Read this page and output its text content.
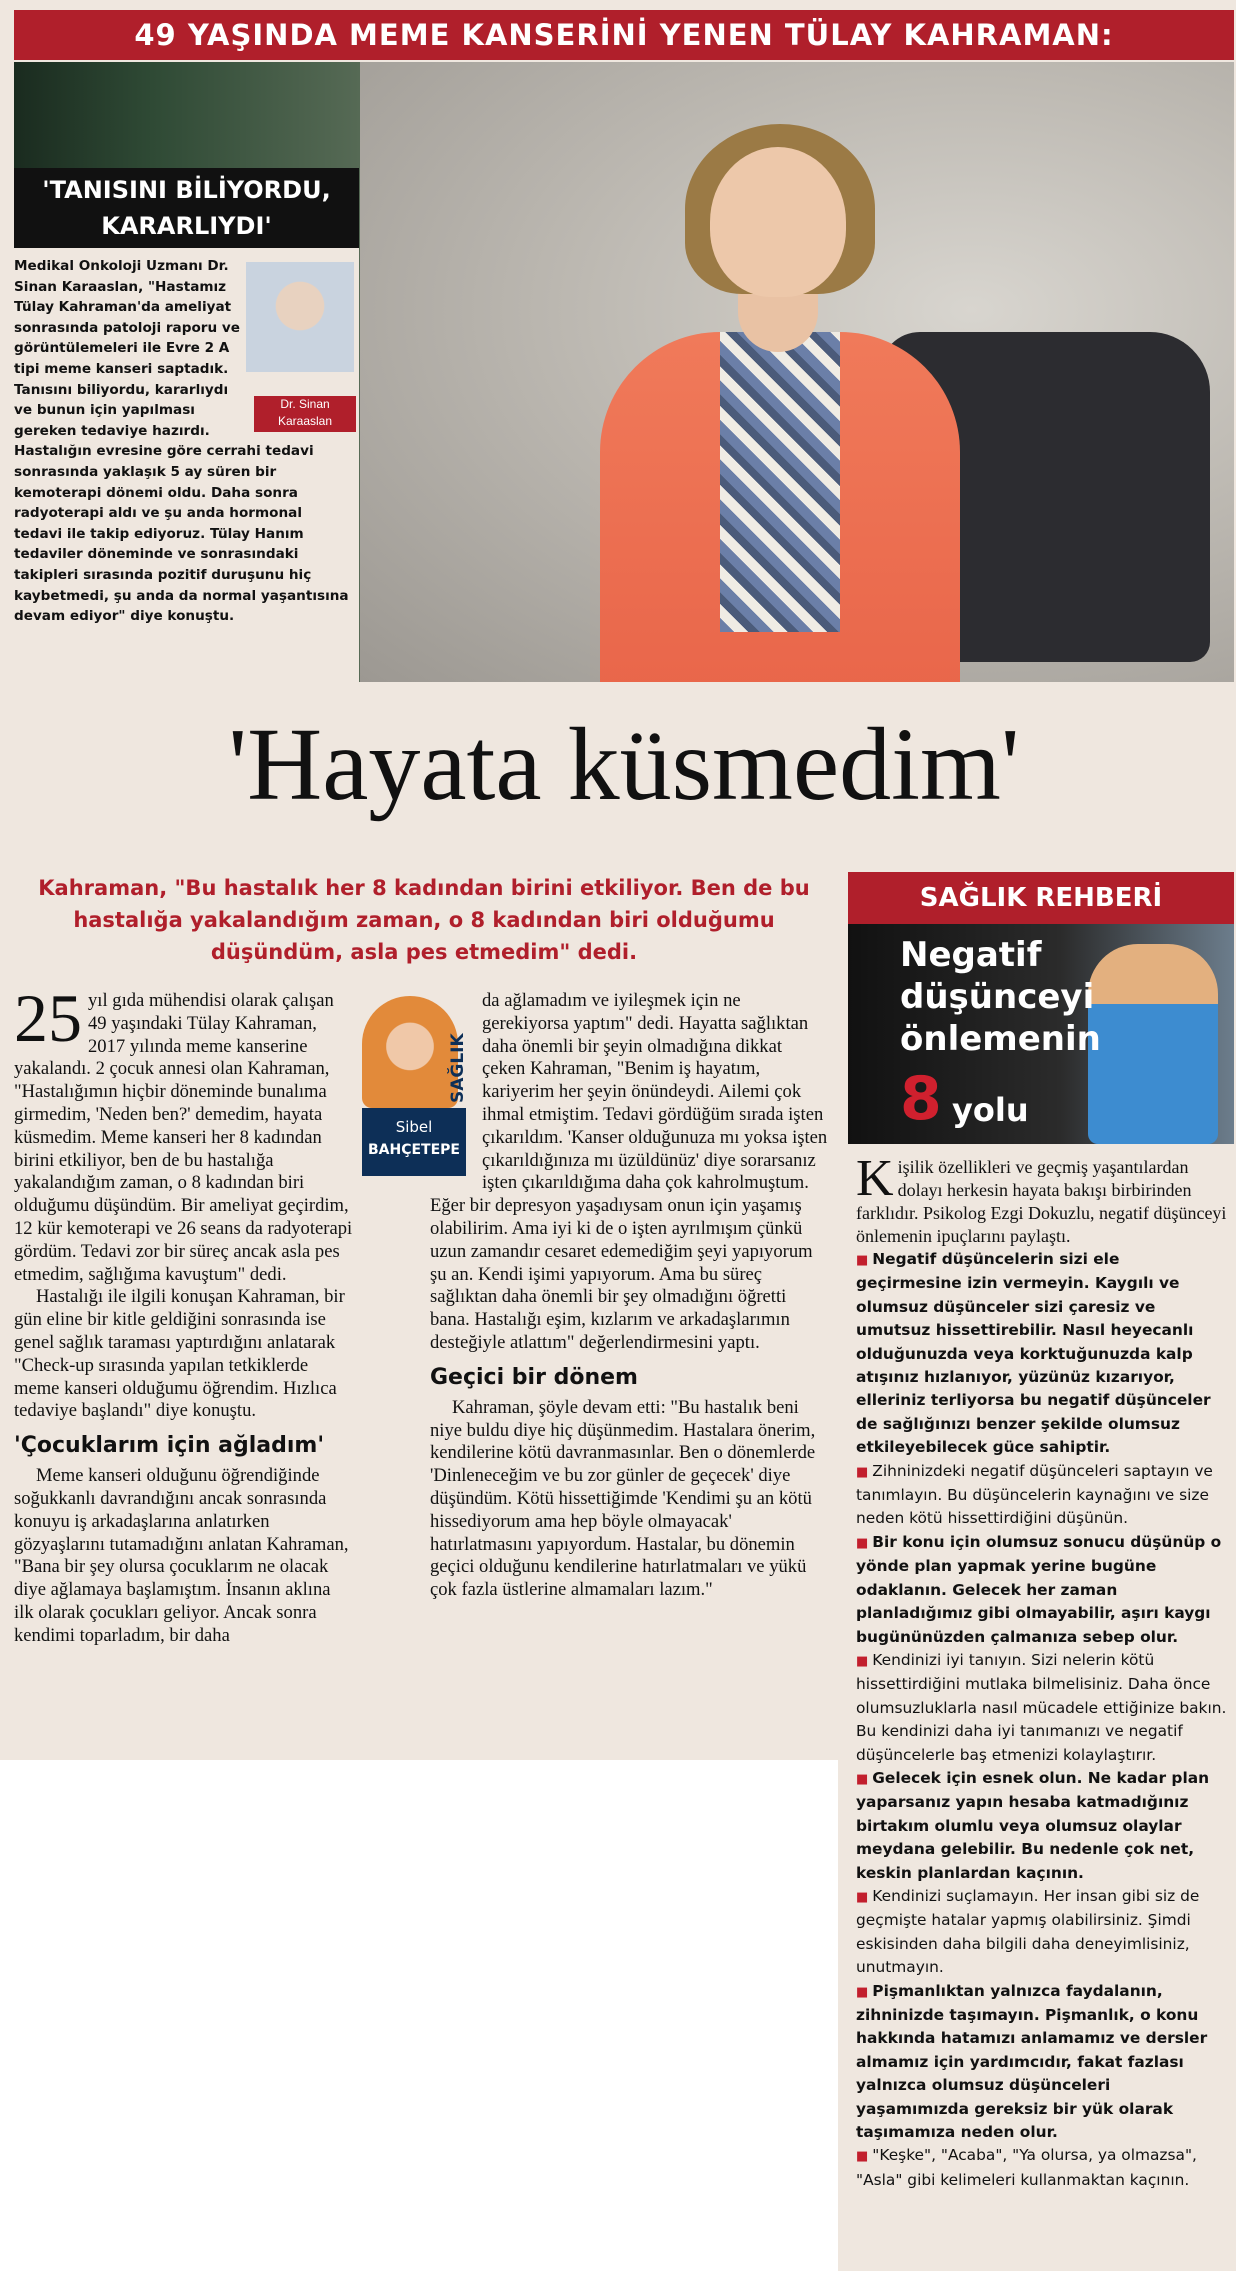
49 YAŞINDA MEME KANSERİNİ YENEN TÜLAY KAHRAMAN:
'TANISINI BİLİYORDU,
KARARLIYDI'
Dr. Sinan
Karaaslan
Medikal Onkoloji Uzmanı Dr. Sinan Karaaslan, "Hastamız Tülay Kahraman'da ameliyat sonrasında patoloji raporu ve görüntülemeleri ile Evre 2 A tipi meme kanseri saptadık. Tanısını biliyordu, kararlıydı ve bunun için yapılması gereken tedaviye hazırdı. Hastalığın evresine göre cerrahi tedavi sonrasında yaklaşık 5 ay süren bir kemoterapi dönemi oldu. Daha sonra radyoterapi aldı ve şu anda hormonal tedavi ile takip ediyoruz. Tülay Hanım tedaviler döneminde ve sonrasındaki takipleri sırasında pozitif duruşunu hiç kaybetmedi, şu anda da normal yaşantısına devam ediyor" diye konuştu.
'Hayata küsmedim'
Kahraman, "Bu hastalık her 8 kadından birini etkiliyor. Ben de bu hastalığa yakalandığım zaman, o 8 kadından biri olduğumu düşündüm, asla pes etmedim" dedi.

25 yıl gıda mühendisi olarak çalışan 49 yaşındaki Tülay Kahraman, 2017 yılında meme kanserine yakalandı. 2 çocuk annesi olan Kahraman, "Hastalığımın hiçbir döneminde bunalıma girmedim, 'Neden ben?' demedim, hayata küsmedim. Meme kanseri her 8 kadından birini etkiliyor, ben de bu hastalığa yakalandığım zaman, o 8 kadından biri olduğumu düşündüm. Bir ameliyat geçirdim, 12 kür kemoterapi ve 26 seans da radyoterapi gördüm. Tedavi zor bir süreç ancak asla pes etmedim, sağlığıma kavuştum" dedi.

Hastalığı ile ilgili konuşan Kahraman, bir gün eline bir kitle geldiğini sonrasında ise genel sağlık taraması yaptırdığını anlatarak "Check-up sırasında yapılan tetkiklerde meme kanseri olduğumu öğrendim. Hızlıca tedaviye başlandı" diye konuştu.

'Çocuklarım için ağladım'

Meme kanseri olduğunu öğrendiğinde soğukkanlı davrandığını ancak sonrasında konuyu iş arkadaşlarına anlatırken gözyaşlarını tutamadığını anlatan Kahraman, "Bana bir şey olursa çocuklarım ne olacak diye ağlamaya başlamıştım. İnsanın aklına ilk olarak çocukları geliyor. Ancak sonra kendimi toparladım, bir daha

Sibel
BAHÇETEPE
SAĞLIK

da ağlamadım ve iyileşmek için ne gerekiyorsa yaptım" dedi. Hayatta sağlıktan daha önemli bir şeyin olmadığına dikkat çeken Kahraman, "Benim iş hayatım, kariyerim her şeyin önündeydi. Ailemi çok ihmal etmiştim. Tedavi gördüğüm sırada işten çıkarıldım. 'Kanser olduğunuza mı yoksa işten çıkarıldığınıza mı üzüldünüz' diye sorarsanız işten çıkarıldığıma daha çok kahrolmuştum. Eğer bir depresyon yaşadıysam onun için yaşamış olabilirim. Ama iyi ki de o işten ayrılmışım çünkü uzun zamandır cesaret edemediğim şeyi yapıyorum şu an. Kendi işimi yapıyorum. Ama bu süreç sağlıktan daha önemli bir şey olmadığını öğretti bana. Hastalığı eşim, kızlarım ve arkadaşlarımın desteğiyle atlattım" değerlendirmesini yaptı.

Geçici bir dönem

Kahraman, şöyle devam etti: "Bu hastalık beni niye buldu diye hiç düşünmedim. Hastalara önerim, kendilerine kötü davranmasınlar. Ben o dönemlerde 'Dinleneceğim ve bu zor günler de geçecek' diye düşündüm. Kötü hissettiğimde 'Kendimi şu an kötü hissediyorum ama hep böyle olmayacak' hatırlatmasını yapıyordum. Hastalar, bu dönemin geçici olduğunu kendilerine hatırlatmaları ve yükü çok fazla üstlerine almamaları lazım."

SAĞLIK REHBERİ
Negatif
düşünceyi
önlemenin
8 yolu

K işilik özellikleri ve geçmiş yaşantılardan dolayı herkesin hayata bakışı birbirinden farklıdır. Psikolog Ezgi Dokuzlu, negatif düşünceyi önlemenin ipuçlarını paylaştı.

■ Negatif düşüncelerin sizi ele geçirmesine izin vermeyin. Kaygılı ve olumsuz düşünceler sizi çaresiz ve umutsuz hissettirebilir. Nasıl heyecanlı olduğunuzda veya korktuğunuzda kalp atışınız hızlanıyor, yüzünüz kızarıyor, elleriniz terliyorsa bu negatif düşünceler de sağlığınızı benzer şekilde olumsuz etkileyebilecek güce sahiptir.

■ Zihninizdeki negatif düşünceleri saptayın ve tanımlayın. Bu düşüncelerin kaynağını ve size neden kötü hissettirdiğini düşünün.

■ Bir konu için olumsuz sonucu düşünüp o yönde plan yapmak yerine bugüne odaklanın. Gelecek her zaman planladığımız gibi olmayabilir, aşırı kaygı bugününüzden çalmanıza sebep olur.

■ Kendinizi iyi tanıyın. Sizi nelerin kötü hissettirdiğini mutlaka bilmelisiniz. Daha önce olumsuzluklarla nasıl mücadele ettiğinize bakın. Bu kendinizi daha iyi tanımanızı ve negatif düşüncelerle baş etmenizi kolaylaştırır.

■ Gelecek için esnek olun. Ne kadar plan yaparsanız yapın hesaba katmadığınız birtakım olumlu veya olumsuz olaylar meydana gelebilir. Bu nedenle çok net, keskin planlardan kaçının.

■ Kendinizi suçlamayın. Her insan gibi siz de geçmişte hatalar yapmış olabilirsiniz. Şimdi eskisinden daha bilgili daha deneyimlisiniz, unutmayın.

■ Pişmanlıktan yalnızca faydalanın, zihninizde taşımayın. Pişmanlık, o konu hakkında hatamızı anlamamız ve dersler almamız için yardımcıdır, fakat fazlası yalnızca olumsuz düşünceleri yaşamımızda gereksiz bir yük olarak taşımamıza neden olur.

■ "Keşke", "Acaba", "Ya olursa, ya olmazsa", "Asla" gibi kelimeleri kullanmaktan kaçının.
